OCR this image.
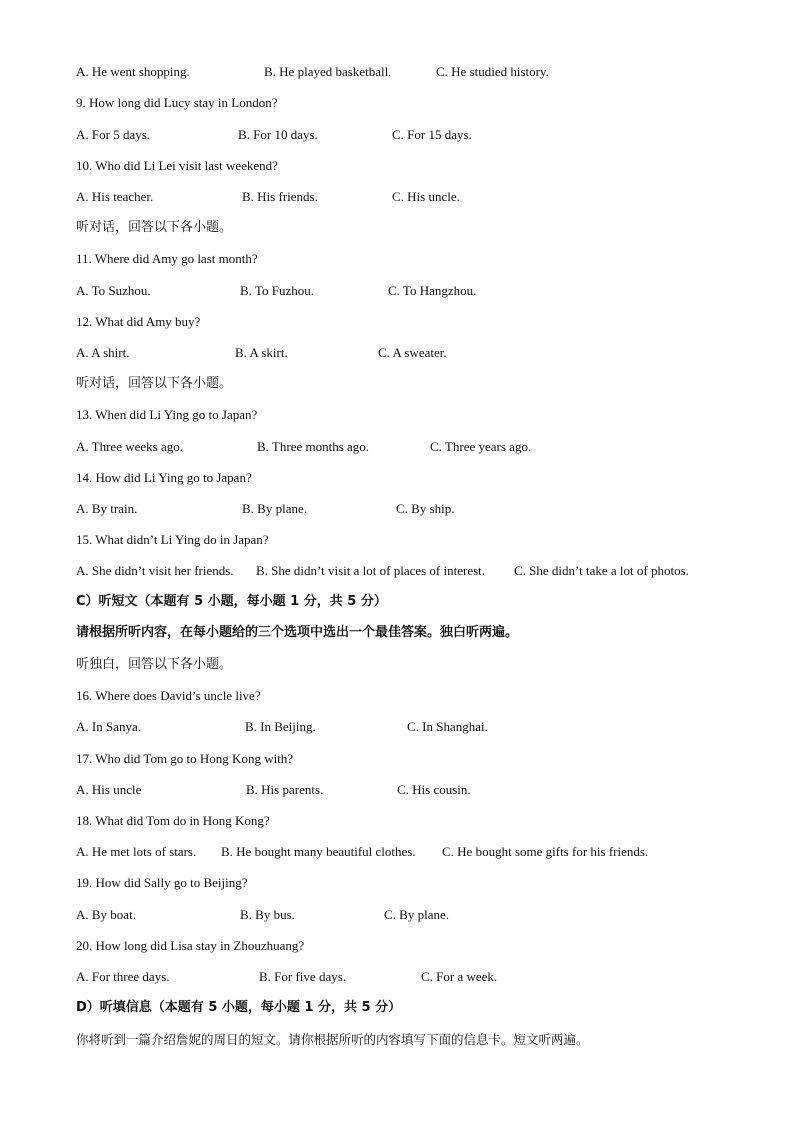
A. He went shopping.	B. He played basketball.	C. He studied history.
9. How long did Lucy stay in London?
A. For 5 days.	B. For 10 days.	C. For 15 days.
10. Who did Li Lei visit last weekend?
A. His teacher.	B. His friends.	C. His uncle.
听对话，回答以下各小题。
11. Where did Amy go last month?
A. To Suzhou.	B. To Fuzhou.	C. To Hangzhou.
12. What did Amy buy?
A. A shirt.	B. A skirt.	C. A sweater.
听对话，回答以下各小题。
13. When did Li Ying go to Japan?
A. Three weeks ago.	B. Three months ago.	C. Three years ago.
14. How did Li Ying go to Japan?
A. By train.	B. By plane.	C. By ship.
15. What didn’t Li Ying do in Japan?
A. She didn’t visit her friends. B. She didn’t visit a lot of places of interest. C. She didn’t take a lot of photos.
C）听短文（本题有 5 小题，每小题 1 分，共 5 分）
请根据所听内容，在每小题给的三个选项中选出一个最佳答案。独白听两遍。
听独白，回答以下各小题。
16. Where does David’s uncle live?
A. In Sanya.	B. In Beijing.	C. In Shanghai.
17. Who did Tom go to Hong Kong with?
A. His uncle	B. His parents.	C. His cousin.
18. What did Tom do in Hong Kong?
A. He met lots of stars. B. He bought many beautiful clothes. C. He bought some gifts for his friends.
19. How did Sally go to Beijing?
A. By boat.	B. By bus.	C. By plane.
20. How long did Lisa stay in Zhouzhuang?
A. For three days.	B. For five days.	C. For a week.
D）听填信息（本题有 5 小题，每小题 1 分，共 5 分）
你将听到一篇介绍詹妮的周日的短文。请你根据所听的内容填写下面的信息卡。短文听两遍。
